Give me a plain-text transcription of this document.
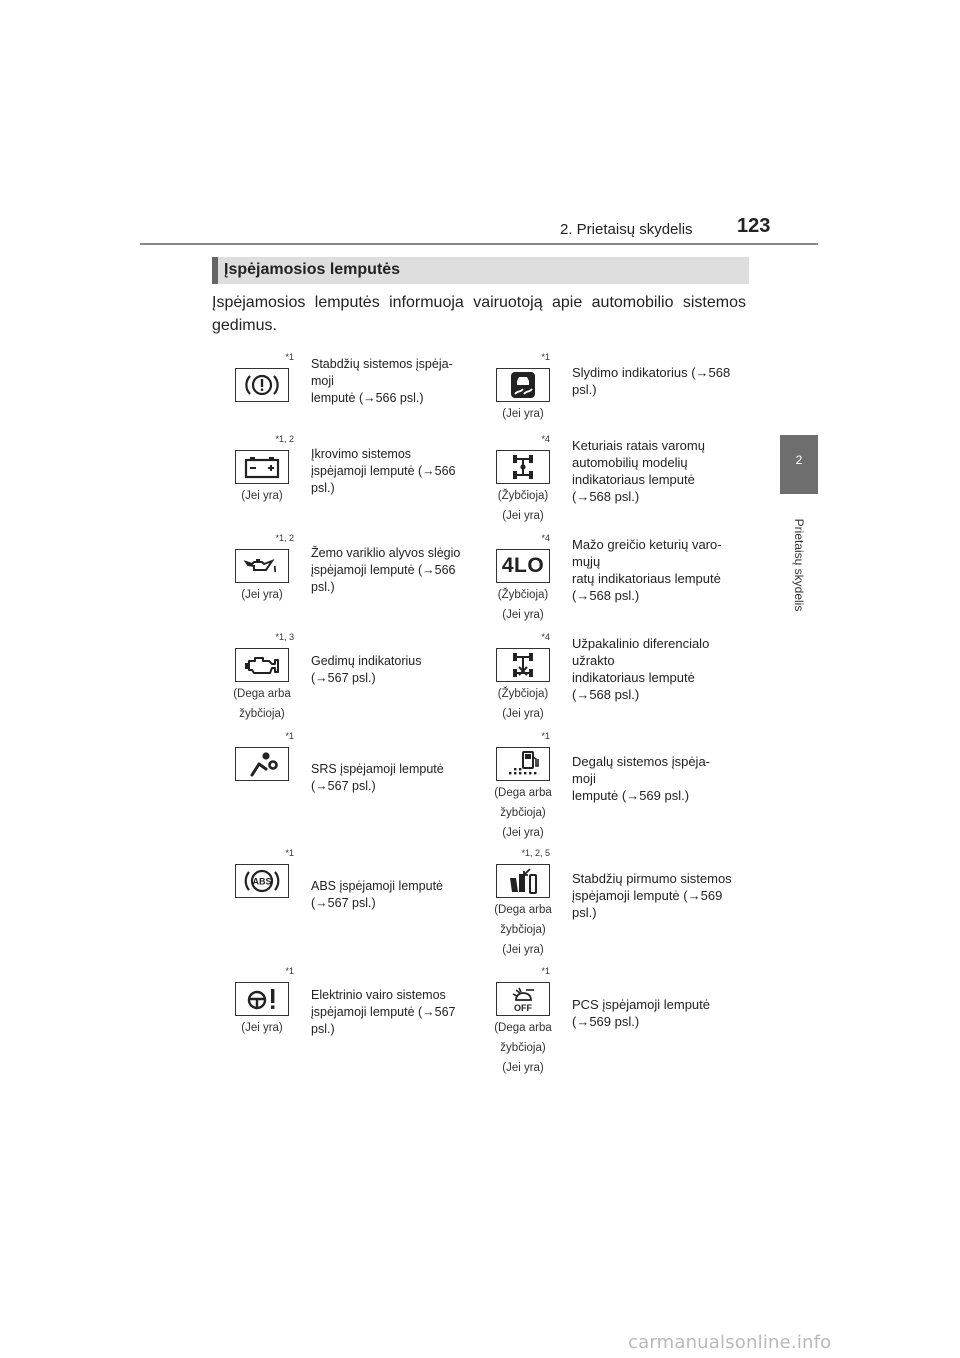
2. Prietaisų skydelis 123
2
Prietaisų skydelis
Įspėjamosios lemputės
Įspėjamosios lemputės informuoja vairuotoją apie automobilio sistemos gedimus.
*1 Stabdžių sistemos įspėja-
moji
lemputė (→566 psl.)
*1, 2
(Jei yra)
Įkrovimo sistemos
įspėjamoji lemputė (→566
psl.)
*1, 2
(Jei yra)
Žemo variklio alyvos slėgio
įspėjamoji lemputė (→566
psl.)
*1, 3
(Dega arba
žybčioja)
Gedimų indikatorius
(→567 psl.)
*1
SRS įspėjamoji lemputė
(→567 psl.)
*1
ABS	ABS įspėjamoji lemputė
(→567 psl.)
*1
(Jei yra)
Elektrinio vairo sistemos
įspėjamoji lemputė (→567
psl.)
*1
(Jei yra)
Slydimo indikatorius (→568
psl.)
*4
(Žybčioja)
(Jei yra)
Keturiais ratais varomų
automobilių modelių
indikatoriaus lemputė
(→568 psl.)
*4
4LO
(Žybčioja)
(Jei yra)
Mažo greičio keturių varo-
mųjų
ratų indikatoriaus lemputė
(→568 psl.)
*4
(Žybčioja)
(Jei yra)
Užpakalinio diferencialo
užrakto
indikatoriaus lemputė
(→568 psl.)
*1
(Dega arba
žybčioja)
(Jei yra)
Degalų sistemos įspėja-
moji
lemputė (→569 psl.)
*1, 2, 5
(Dega arba
žybčioja)
(Jei yra)
Stabdžių pirmumo sistemos
įspėjamoji lemputė (→569
psl.)
*1
OFF
(Dega arba
žybčioja)
(Jei yra)
PCS įspėjamoji lemputė
(→569 psl.)
carmanualsonline.info
